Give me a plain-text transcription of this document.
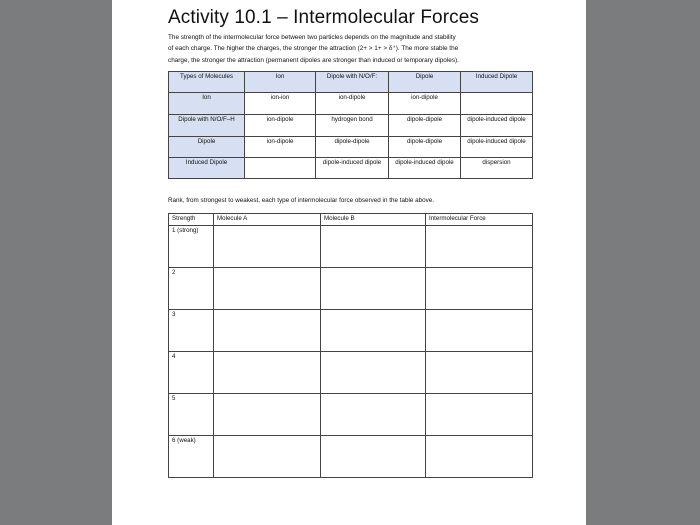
Activity 10.1 – Intermolecular Forces

The strength of the intermolecular force between two particles depends on the magnitude and stability

of each charge. The higher the charges, the stronger the attraction (2+ > 1+ > δ⁺). The more stable the

charge, the stronger the attraction (permanent dipoles are stronger than induced or temporary dipoles).

Types of Molecules	Ion	Dipole with N/O/F:	Dipole	Induced Dipole
Ion	ion-ion	ion-dipole	ion-dipole	
Dipole with N/O/F–H	ion-dipole	hydrogen bond	dipole-dipole	dipole-induced dipole
Dipole	ion-dipole	dipole-dipole	dipole-dipole	dipole-induced dipole
Induced Dipole		dipole-induced dipole	dipole-induced dipole	dispersion
Rank, from strongest to weakest, each type of intermolecular force observed in the table above.
Strength	Molecule A	Molecule B	Intermolecular Force
1 (strong)			
2			
3			
4			
5			
6 (weak)			
